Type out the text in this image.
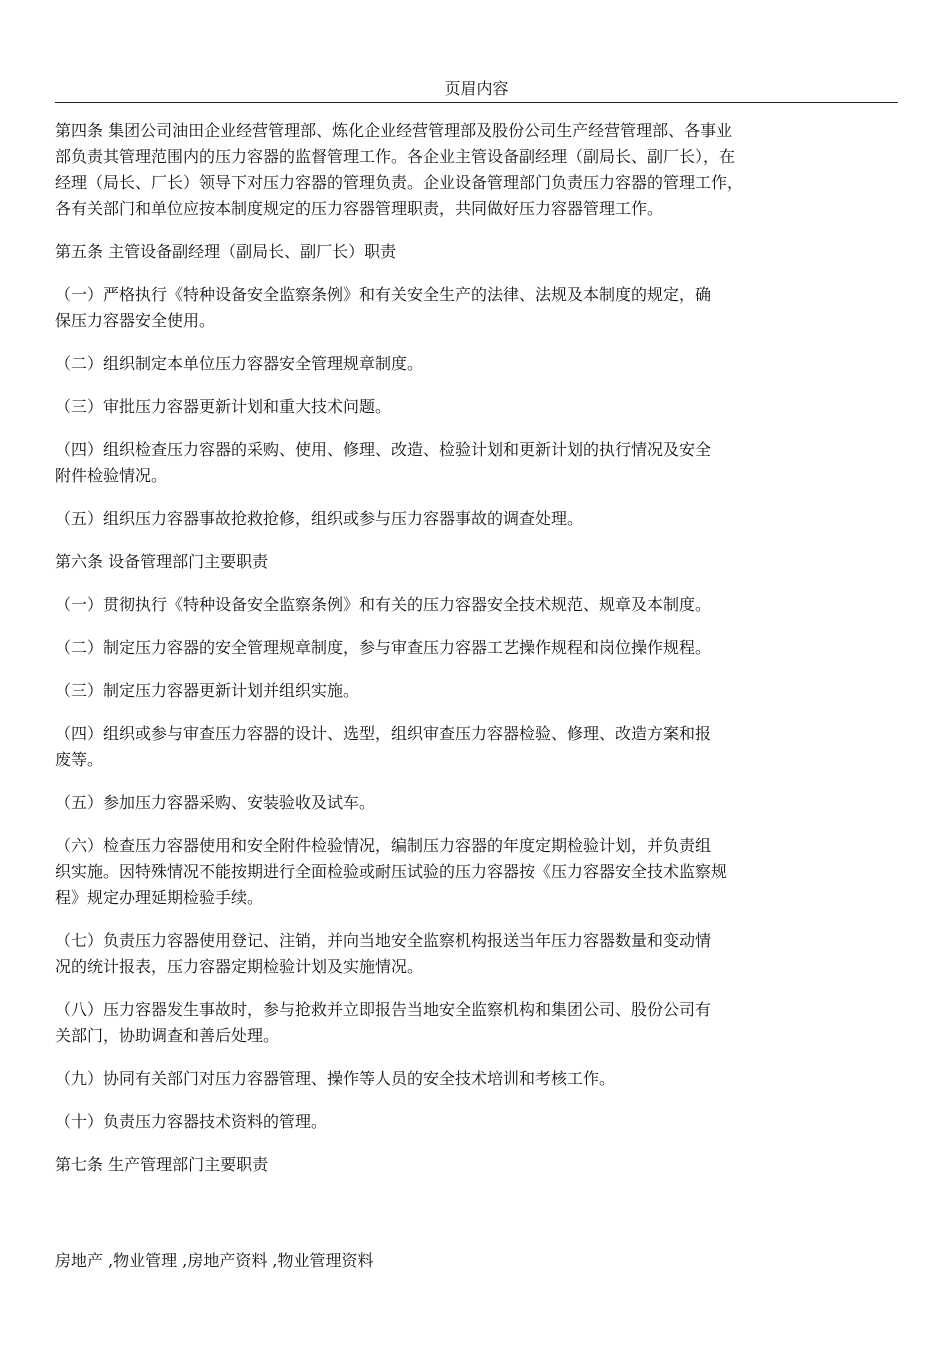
页眉内容
第四条 集团公司油田企业经营管理部、炼化企业经营管理部及股份公司生产经营管理部、各事业
部负责其管理范围内的压力容器的监督管理工作。各企业主管设备副经理（副局长、副厂长），在
经理（局长、厂长）领导下对压力容器的管理负责。企业设备管理部门负责压力容器的管理工作，
各有关部门和单位应按本制度规定的压力容器管理职责，共同做好压力容器管理工作。
第五条 主管设备副经理（副局长、副厂长）职责
（一）严格执行《特种设备安全监察条例》和有关安全生产的法律、法规及本制度的规定，确
保压力容器安全使用。
（二）组织制定本单位压力容器安全管理规章制度。
（三）审批压力容器更新计划和重大技术问题。
（四）组织检查压力容器的采购、使用、修理、改造、检验计划和更新计划的执行情况及安全
附件检验情况。
（五）组织压力容器事故抢救抢修，组织或参与压力容器事故的调查处理。
第六条 设备管理部门主要职责
（一）贯彻执行《特种设备安全监察条例》和有关的压力容器安全技术规范、规章及本制度。
（二）制定压力容器的安全管理规章制度，参与审查压力容器工艺操作规程和岗位操作规程。
（三）制定压力容器更新计划并组织实施。
（四）组织或参与审查压力容器的设计、选型，组织审查压力容器检验、修理、改造方案和报
废等。
（五）参加压力容器采购、安装验收及试车。
（六）检查压力容器使用和安全附件检验情况，编制压力容器的年度定期检验计划，并负责组
织实施。因特殊情况不能按期进行全面检验或耐压试验的压力容器按《压力容器安全技术监察规
程》规定办理延期检验手续。
（七）负责压力容器使用登记、注销，并向当地安全监察机构报送当年压力容器数量和变动情
况的统计报表，压力容器定期检验计划及实施情况。
（八）压力容器发生事故时，参与抢救并立即报告当地安全监察机构和集团公司、股份公司有
关部门，协助调查和善后处理。
（九）协同有关部门对压力容器管理、操作等人员的安全技术培训和考核工作。
（十）负责压力容器技术资料的管理。
第七条 生产管理部门主要职责
房地产 ,物业管理 ,房地产资料 ,物业管理资料
